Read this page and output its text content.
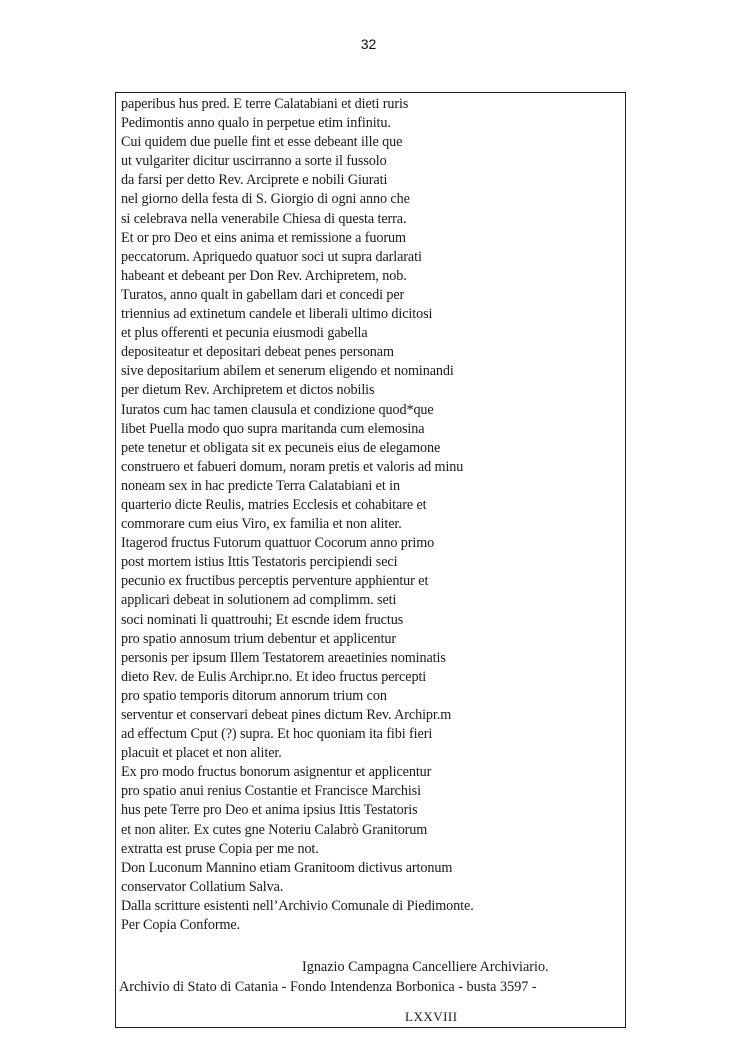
32
paperibus hus pred. E terre Calatabiani et dieti ruris
Pedimontis anno qualo in perpetue etim infinitu.
Cui quidem due puelle fint et esse debeant ille que
ut vulgariter dicitur uscirranno a sorte il fussolo
da farsi per detto Rev. Arciprete e nobili Giurati
nel giorno della festa di S. Giorgio di ogni anno che
si celebrava nella venerabile Chiesa di questa terra.
Et or pro Deo et eins anima et remissione a fuorum
peccatorum. Apriquedo quatuor soci ut supra darlarati
habeant et debeant per Don Rev. Archipretem, nob.
Turatos, anno qualt in gabellam dari et concedi per
triennius ad extinetum candele et liberali ultimo dicitosi
et plus offerenti et pecunia eiusmodi gabella
depositeatur et depositari debeat penes personam
sive depositarium abilem et senerum eligendo et nominandi
per dietum Rev. Archipretem et dictos nobilis
Iuratos cum hac tamen clausula et condizione quod*que
libet Puella modo quo supra maritanda cum elemosina
pete tenetur et obligata sit ex pecuneis eius de elegamone
construero et fabueri domum, noram pretis et valoris ad minu
noneam sex in hac predicte Terra Calatabiani et in
quarterio dicte Reulis, matries Ecclesis et cohabitare et
commorare cum eius Viro, ex familia et non aliter.
Itagerod fructus Futorum quattuor Cocorum anno primo
post mortem istius Ittis Testatoris percipiendi seci
pecunio ex fructibus perceptis perventure apphientur et
applicari debeat in solutionem ad complimm. seti
soci nominati li quattrouhi; Et escnde idem fructus
pro spatio annosum trium debentur et applicentur
personis per ipsum Illem Testatorem areaetinies nominatis
dieto Rev. de Eulis Archipr.no. Et ideo fructus percepti
pro spatio temporis ditorum annorum trium con
serventur et conservari debeat pines dictum Rev. Archipr.m
ad effectum Cput (?) supra. Et hoc quoniam ita fibi fieri
placuit et placet et non aliter.
Ex pro modo fructus bonorum asignentur et applicentur
pro spatio anui renius Costantie et Francisce Marchisi
hus pete Terre pro Deo et anima ipsius Ittis Testatoris
et non aliter. Ex cutes gne Noteriu Calabrò Granitorum
extratta est pruse Copia per me not.
Don Luconum Mannino etiam Granitoom dictivus artonum
conservator Collatium Salva.
Dalla scritture esistenti nell’Archivio Comunale di Piedimonte.
Per Copia Conforme.
Ignazio Campagna Cancelliere Archiviario.
Archivio di Stato di Catania - Fondo Intendenza Borbonica - busta 3597 -
LXXVIII
